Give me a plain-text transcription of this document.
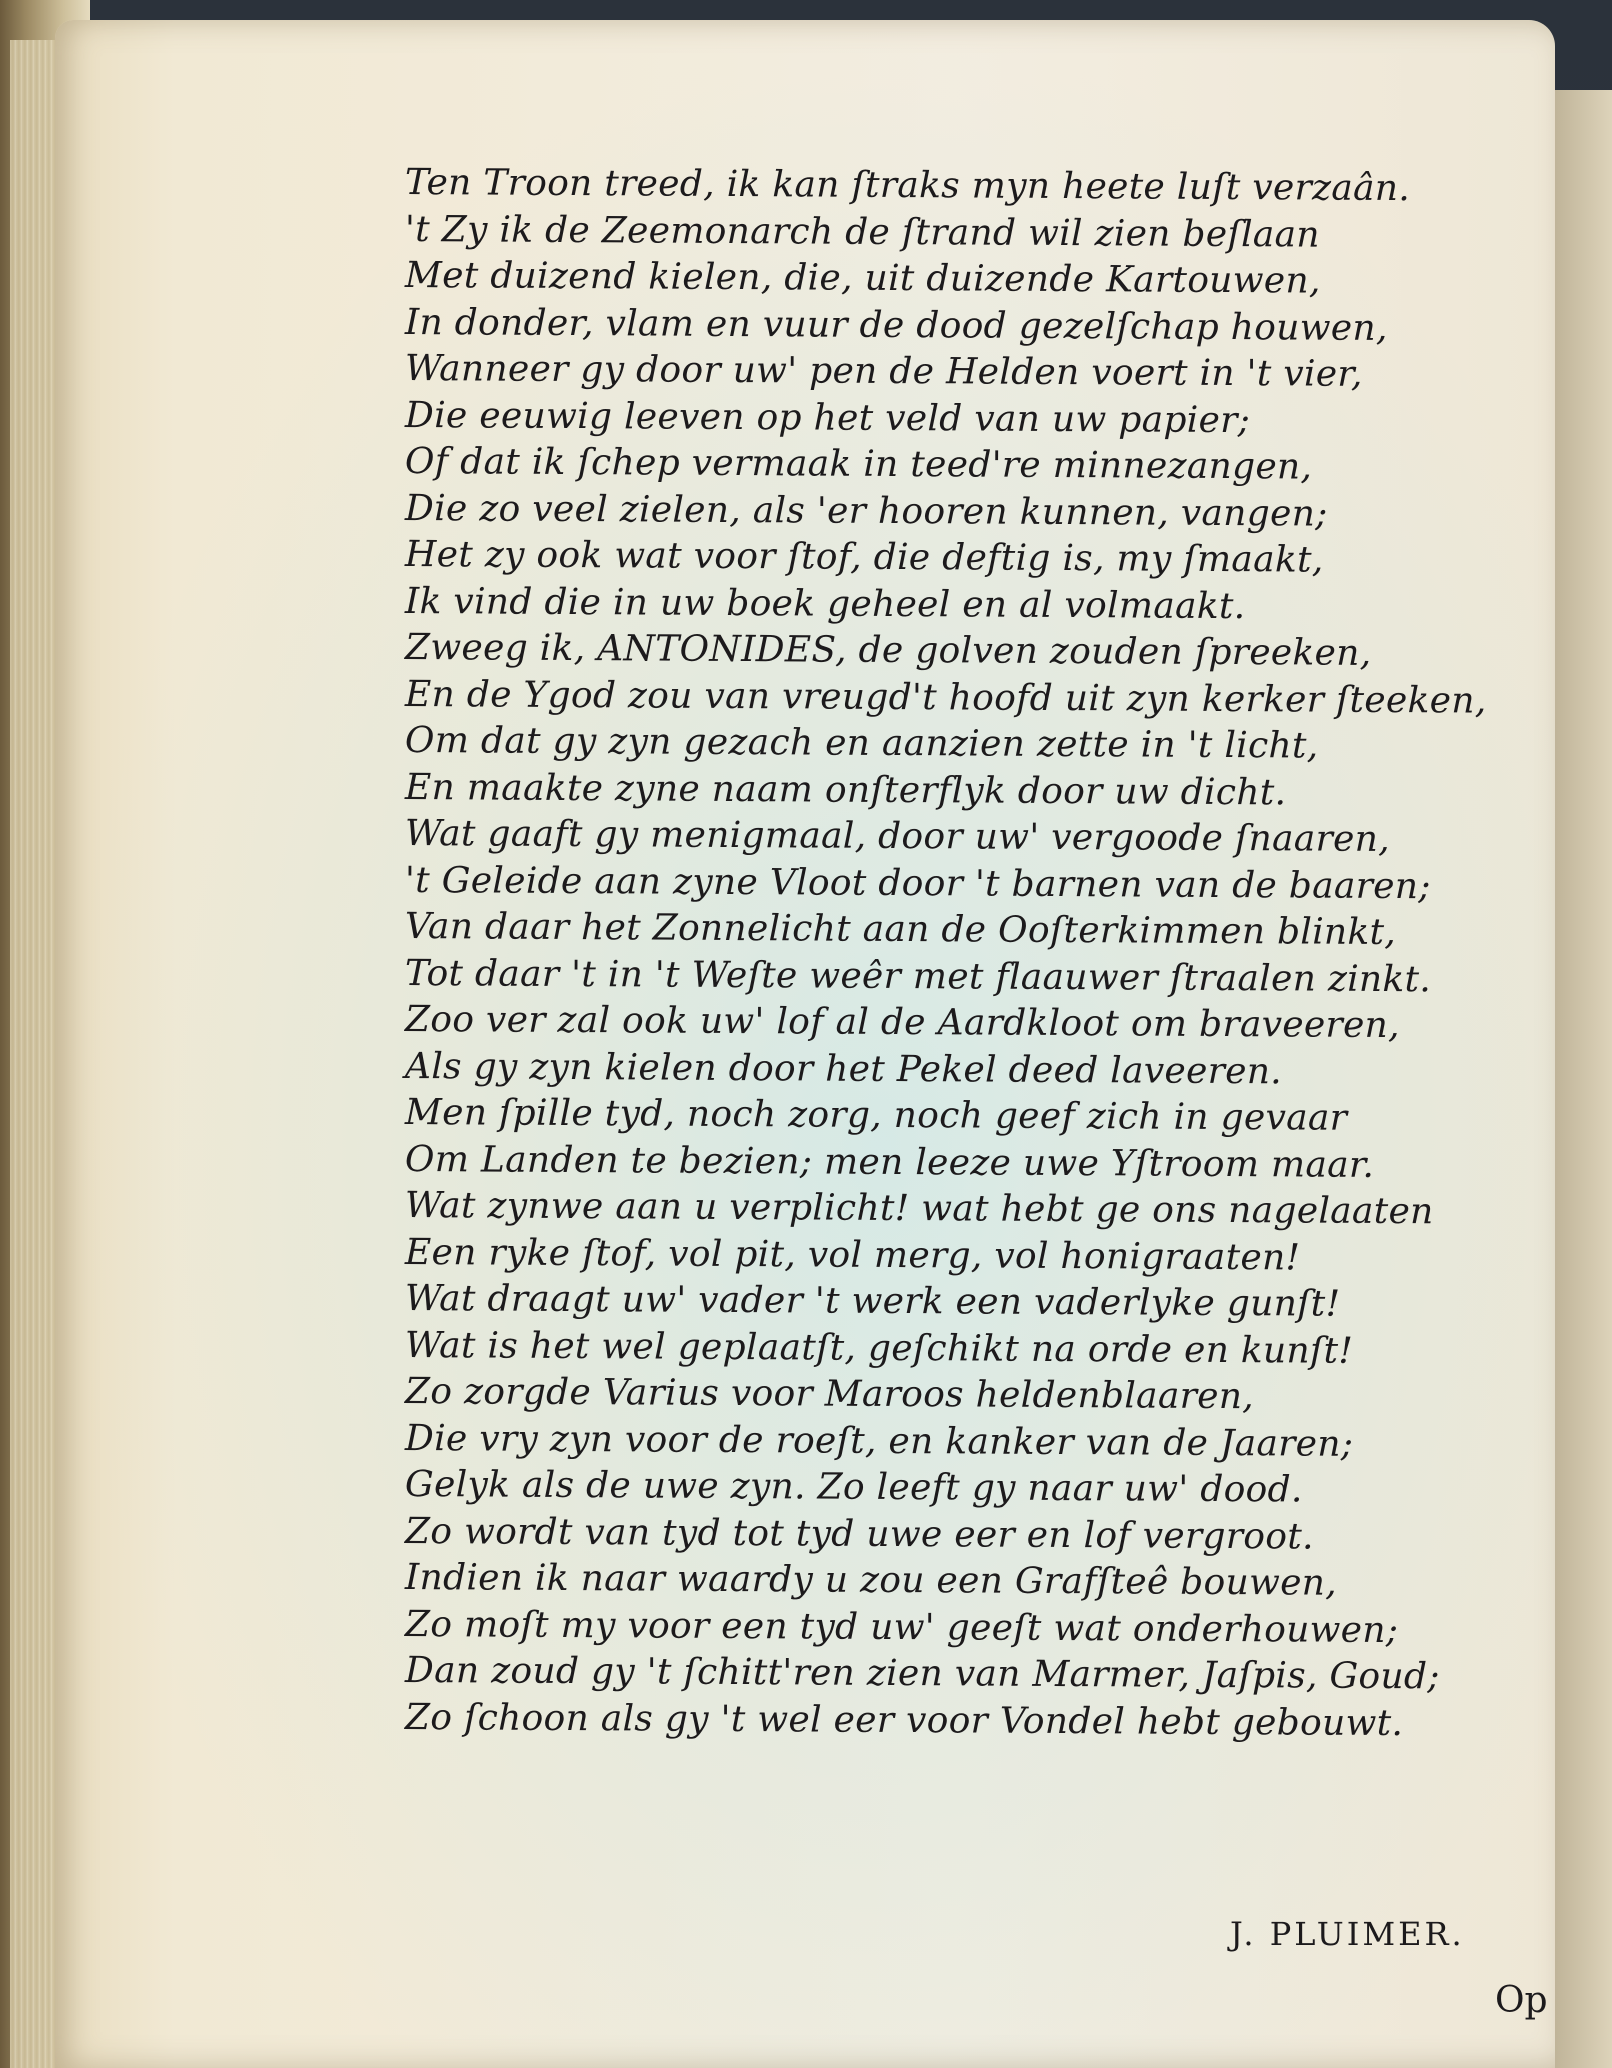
Ten Troon treed, ik kan ſtraks myn heete luſt verzaân.
't Zy ik de Zeemonarch de ſtrand wil zien beſlaan
Met duizend kielen, die, uit duizende Kartouwen,
In donder, vlam en vuur de dood gezelſchap houwen,
Wanneer gy door uw' pen de Helden voert in 't vier,
Die eeuwig leeven op het veld van uw papier;
Of dat ik ſchep vermaak in teed're minnezangen,
Die zo veel zielen, als 'er hooren kunnen, vangen;
Het zy ook wat voor ſtof, die deftig is, my ſmaakt,
Ik vind die in uw boek geheel en al volmaakt.
Zweeg ik, ANTONIDES, de golven zouden ſpreeken,
En de Ygod zou van vreugd't hoofd uit zyn kerker ſteeken,
Om dat gy zyn gezach en aanzien zette in 't licht,
En maakte zyne naam onſterflyk door uw dicht.
Wat gaaft gy menigmaal, door uw' vergoode ſnaaren,
't Geleide aan zyne Vloot door 't barnen van de baaren;
Van daar het Zonnelicht aan de Ooſterkimmen blinkt,
Tot daar 't in 't Weſte weêr met flaauwer ſtraalen zinkt.
Zoo ver zal ook uw' lof al de Aardkloot om braveeren,
Als gy zyn kielen door het Pekel deed laveeren.
Men ſpille tyd, noch zorg, noch geef zich in gevaar
Om Landen te bezien; men leeze uwe Yſtroom maar.
Wat zynwe aan u verplicht! wat hebt ge ons nagelaaten
Een ryke ſtof, vol pit, vol merg, vol honigraaten!
Wat draagt uw' vader 't werk een vaderlyke gunſt!
Wat is het wel geplaatſt, geſchikt na orde en kunſt!
Zo zorgde Varius voor Maroos heldenblaaren,
Die vry zyn voor de roeſt, en kanker van de Jaaren;
Gelyk als de uwe zyn. Zo leeft gy naar uw' dood.
Zo wordt van tyd tot tyd uwe eer en lof vergroot.
Indien ik naar waardy u zou een Grafſteê bouwen,
Zo moſt my voor een tyd uw' geeſt wat onderhouwen;
Dan zoud gy 't ſchitt'ren zien van Marmer, Jaſpis, Goud;
Zo ſchoon als gy 't wel eer voor Vondel hebt gebouwt.
J. PLUIMER.
Op
